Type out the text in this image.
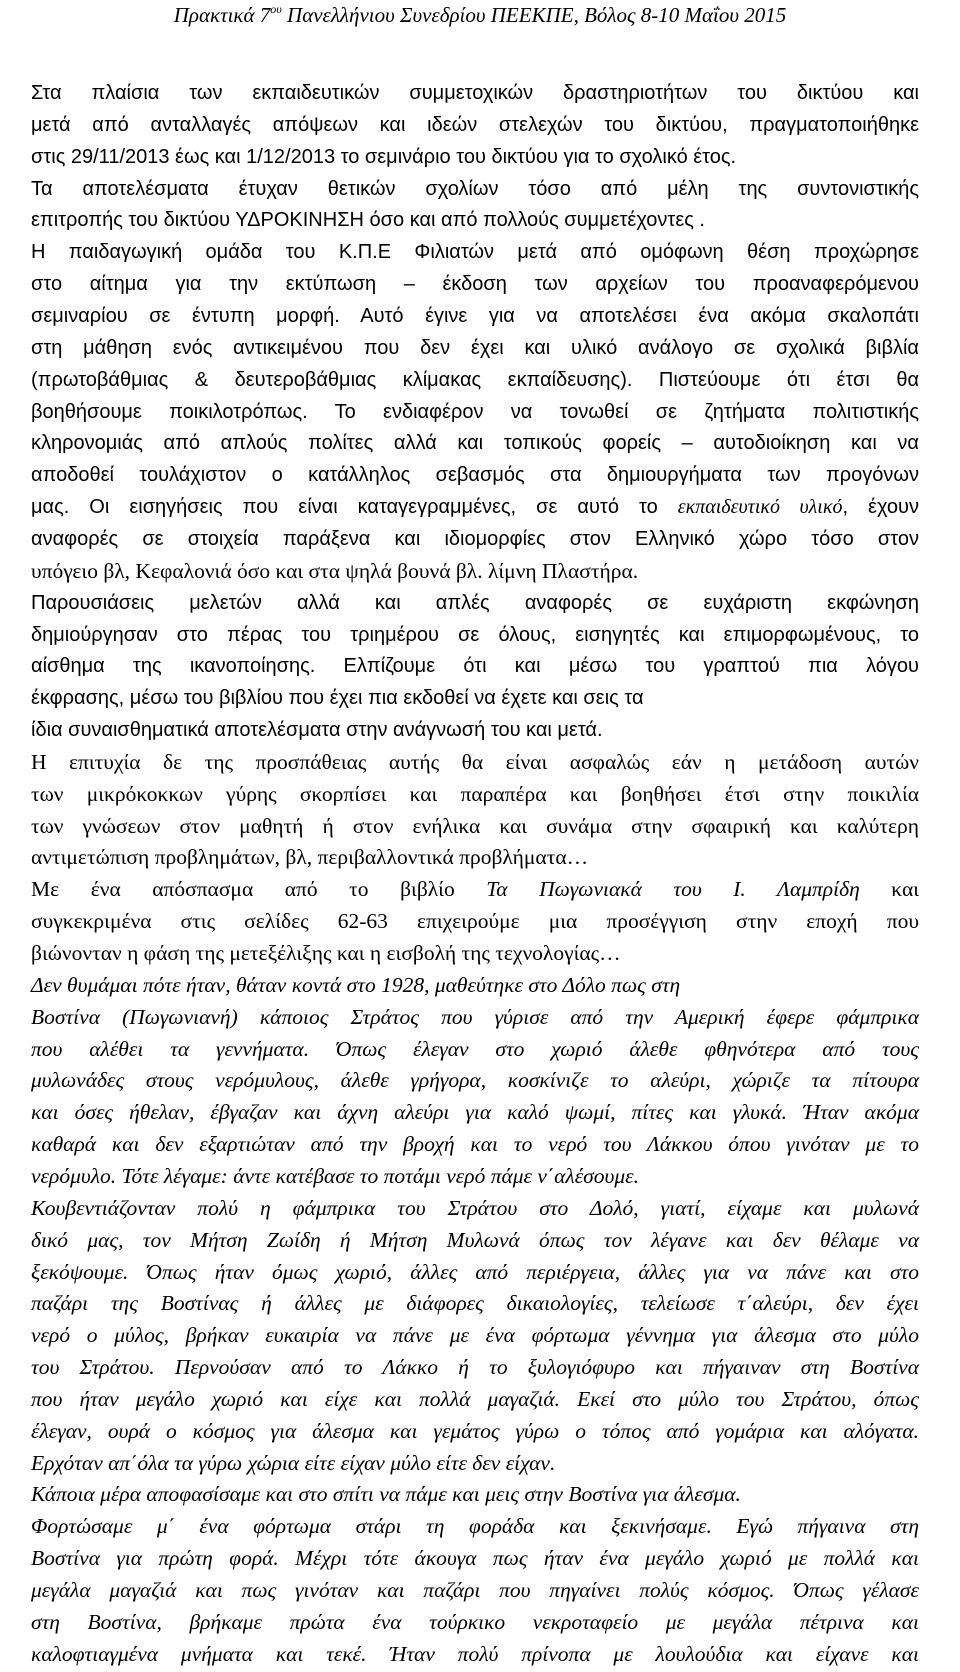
Πρακτικά $7^{o\upsilon}$ Πανελλήνιου Συνεδρίου ΠΕΕΚΠΕ, Βόλος 8-10 Μαΐου 2015
Στα πλαίσια των εκπαιδευτικών συμμετοχικών δραστηριοτήτων του δικτύου και
μετά από ανταλλαγές απόψεων και ιδεών στελεχών του δικτύου, πραγματοποιήθηκε
στις 29/11/2013 έως και 1/12/2013 το σεμινάριο του δικτύου για το σχολικό έτος.
Τα αποτελέσματα έτυχαν θετικών σχολίων τόσο από μέλη της συντονιστικής
επιτροπής του δικτύου ΥΔΡΟΚΙΝΗΣΗ όσο και από πολλούς συμμετέχοντες .
Η παιδαγωγική ομάδα του Κ.Π.Ε Φιλιατών μετά από ομόφωνη θέση προχώρησε
στο αίτημα για την εκτύπωση – έκδοση των αρχείων του προαναφερόμενου
σεμιναρίου σε έντυπη μορφή. Αυτό έγινε για να αποτελέσει ένα ακόμα σκαλοπάτι
στη μάθηση ενός αντικειμένου που δεν έχει και υλικό ανάλογο σε σχολικά βιβλία
(πρωτοβάθμιας & δευτεροβάθμιας κλίμακας εκπαίδευσης). Πιστεύουμε ότι έτσι θα
βοηθήσουμε ποικιλοτρόπως. Το ενδιαφέρον να τονωθεί σε ζητήματα πολιτιστικής
κληρονομιάς από απλούς πολίτες αλλά και τοπικούς φορείς – αυτοδιοίκηση και να
αποδοθεί τουλάχιστον ο κατάλληλος σεβασμός στα δημιουργήματα των προγόνων
μας. Οι εισηγήσεις που είναι καταγεγραμμένες, σε αυτό το εκπαιδευτικό υλικό, έχουν
αναφορές σε στοιχεία παράξενα και ιδιομορφίες στον Ελληνικό χώρο τόσο στον
υπόγειο βλ, Κεφαλονιά όσο και στα ψηλά βουνά βλ. λίμνη Πλαστήρα.
Παρουσιάσεις μελετών αλλά και απλές αναφορές σε ευχάριστη εκφώνηση
δημιούργησαν στο πέρας του τριημέρου σε όλους, εισηγητές και επιμορφωμένους, το
αίσθημα της ικανοποίησης. Ελπίζουμε ότι και μέσω του γραπτού πια λόγου
έκφρασης, μέσω του βιβλίου που έχει πια εκδοθεί να έχετε και σεις τα
ίδια συναισθηματικά αποτελέσματα στην ανάγνωσή του και μετά.
Η επιτυχία δε της προσπάθειας αυτής θα είναι ασφαλώς εάν η μετάδοση αυτών
των μικρόκοκκων γύρης σκορπίσει και παραπέρα και βοηθήσει έτσι στην ποικιλία
των γνώσεων στον μαθητή ή στον ενήλικα και συνάμα στην σφαιρική και καλύτερη
αντιμετώπιση προβλημάτων, βλ, περιβαλλοντικά προβλήματα…
Με ένα απόσπασμα από το βιβλίο Τα Πωγωνιακά του Ι. Λαμπρίδη και
συγκεκριμένα στις σελίδες 62-63 επιχειρούμε μια προσέγγιση στην εποχή που
βιώνονταν η φάση της μετεξέλιξης και η εισβολή της τεχνολογίας…
Δεν θυμάμαι πότε ήταν, θάταν κοντά στο 1928, μαθεύτηκε στο Δόλο πως στη
Βοστίνα (Πωγωνιανή) κάποιος Στράτος που γύρισε από την Αμερική έφερε φάμπρικα
που αλέθει τα γεννήματα. Όπως έλεγαν στο χωριό άλεθε φθηνότερα από τους
μυλωνάδες στους νερόμυλους, άλεθε γρήγορα, κοσκίνιζε το αλεύρι, χώριζε τα πίτουρα
και όσες ήθελαν, έβγαζαν και άχνη αλεύρι για καλό ψωμί, πίτες και γλυκά. Ήταν ακόμα
καθαρά και δεν εξαρτιώταν από την βροχή και το νερό του Λάκκου όπου γινόταν με το
νερόμυλο. Τότε λέγαμε: άντε κατέβασε το ποτάμι νερό πάμε ν΄αλέσουμε.
Κουβεντιάζονταν πολύ η φάμπρικα του Στράτου στο Δολό, γιατί, είχαμε και μυλωνά
δικό μας, τον Μήτση Ζωίδη ή Μήτση Μυλωνά όπως τον λέγανε και δεν θέλαμε να
ξεκόψουμε. Όπως ήταν όμως χωριό, άλλες από περιέργεια, άλλες για να πάνε και στο
παζάρι της Βοστίνας ή άλλες με διάφορες δικαιολογίες, τελείωσε τ΄αλεύρι, δεν έχει
νερό ο μύλος, βρήκαν ευκαιρία να πάνε με ένα φόρτωμα γέννημα για άλεσμα στο μύλο
του Στράτου. Περνούσαν από το Λάκκο ή το ξυλογιόφυρο και πήγαιναν στη Βοστίνα
που ήταν μεγάλο χωριό και είχε και πολλά μαγαζιά. Εκεί στο μύλο του Στράτου, όπως
έλεγαν, ουρά ο κόσμος για άλεσμα και γεμάτος γύρω ο τόπος από γομάρια και αλόγατα.
Ερχόταν απ΄όλα τα γύρω χώρια είτε είχαν μύλο είτε δεν είχαν.
Κάποια μέρα αποφασίσαμε και στο σπίτι να πάμε και μεις στην Βοστίνα για άλεσμα.
Φορτώσαμε μ΄ ένα φόρτωμα στάρι τη φοράδα και ξεκινήσαμε. Εγώ πήγαινα στη
Βοστίνα για πρώτη φορά. Μέχρι τότε άκουγα πως ήταν ένα μεγάλο χωριό με πολλά και
μεγάλα μαγαζιά και πως γινόταν και παζάρι που πηγαίνει πολύς κόσμος. Όπως γέλασε
στη Βοστίνα, βρήκαμε πρώτα ένα τούρκικο νεκροταφείο με μεγάλα πέτρινα και
καλοφτιαγμένα μνήματα και τεκέ. Ήταν πολύ πρίνοπα με λουλούδια και είχανε και
